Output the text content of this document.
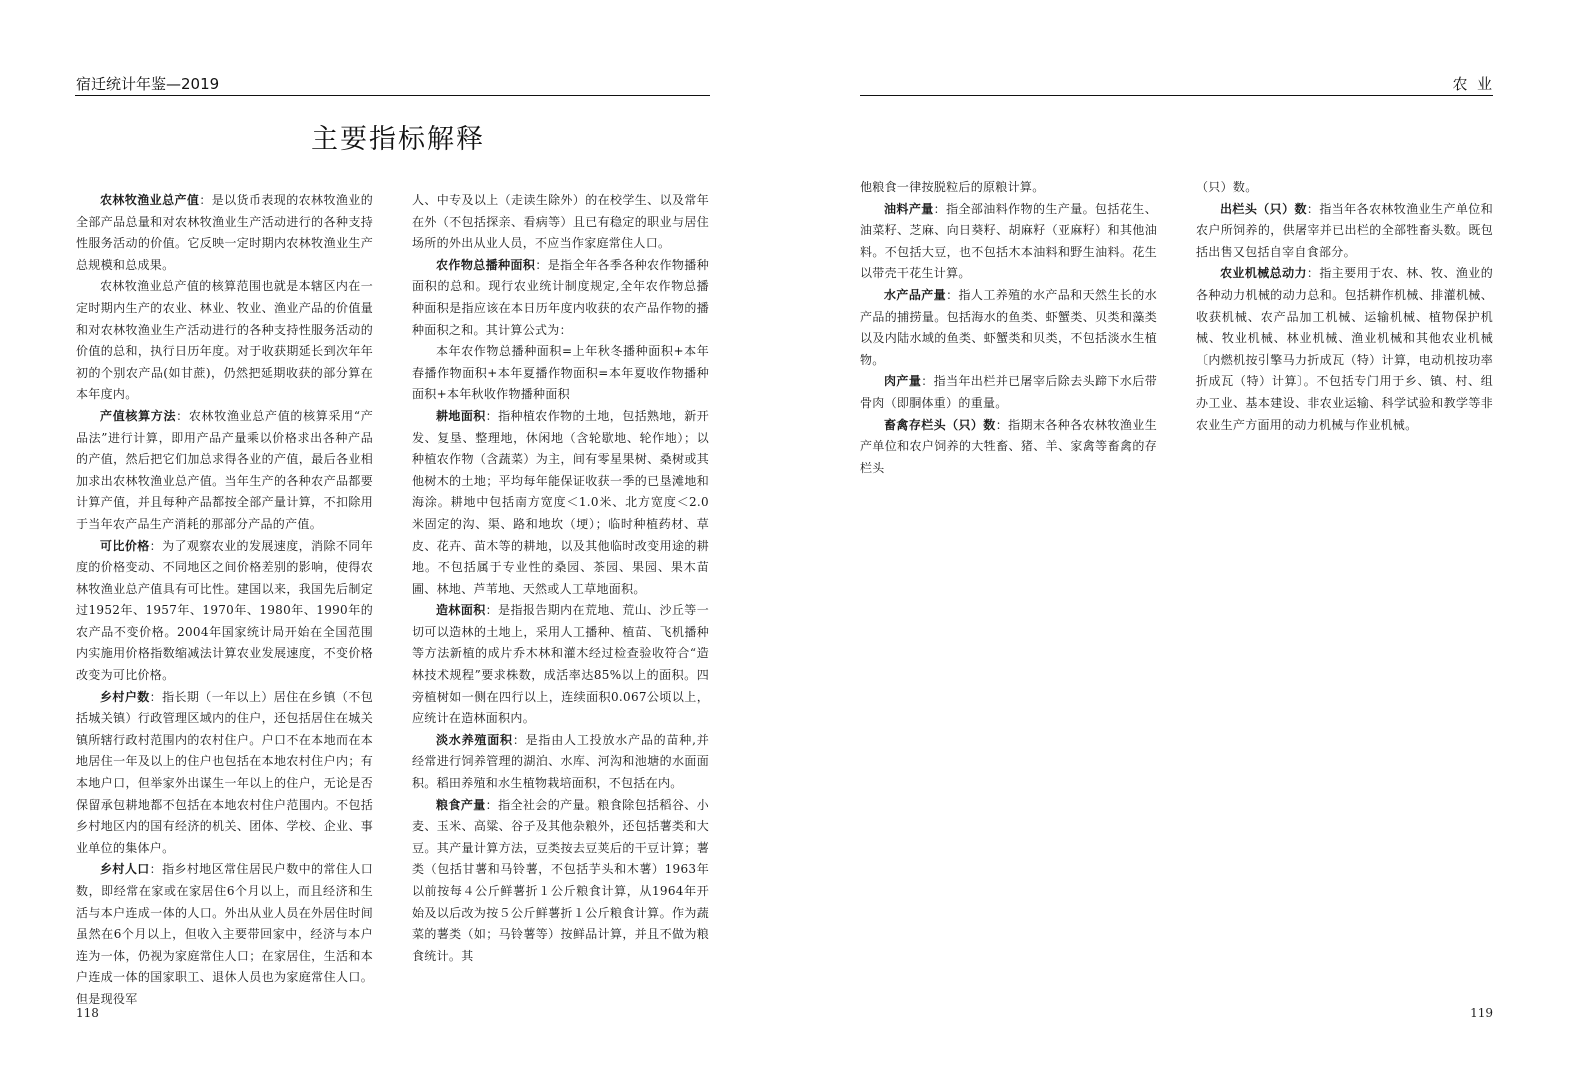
宿迁统计年鉴—2019	农  业
主要指标解释

农林牧渔业总产值：是以货币表现的农林牧渔业的全部产品总量和对农林牧渔业生产活动进行的各种支持性服务活动的价值。它反映一定时期内农林牧渔业生产总规模和总成果。

农林牧渔业总产值的核算范围也就是本辖区内在一定时期内生产的农业、林业、牧业、渔业产品的价值量和对农林牧渔业生产活动进行的各种支持性服务活动的价值的总和，执行日历年度。对于收获期延长到次年年初的个别农产品(如甘蔗)，仍然把延期收获的部分算在本年度内。

产值核算方法：农林牧渔业总产值的核算采用“产品法”进行计算，即用产品产量乘以价格求出各种产品的产值，然后把它们加总求得各业的产值，最后各业相加求出农林牧渔业总产值。当年生产的各种农产品都要计算产值，并且每种产品都按全部产量计算，不扣除用于当年农产品生产消耗的那部分产品的产值。

可比价格：为了观察农业的发展速度，消除不同年度的价格变动、不同地区之间价格差别的影响，使得农林牧渔业总产值具有可比性。建国以来，我国先后制定过1952年、1957年、1970年、1980年、1990年的农产品不变价格。2004年国家统计局开始在全国范围内实施用价格指数缩减法计算农业发展速度，不变价格改变为可比价格。

乡村户数：指长期（一年以上）居住在乡镇（不包括城关镇）行政管理区域内的住户，还包括居住在城关镇所辖行政村范围内的农村住户。户口不在本地而在本地居住一年及以上的住户也包括在本地农村住户内；有本地户口，但举家外出谋生一年以上的住户，无论是否保留承包耕地都不包括在本地农村住户范围内。不包括乡村地区内的国有经济的机关、团体、学校、企业、事业单位的集体户。

乡村人口：指乡村地区常住居民户数中的常住人口数，即经常在家或在家居住6个月以上，而且经济和生活与本户连成一体的人口。外出从业人员在外居住时间虽然在6个月以上，但收入主要带回家中，经济与本户连为一体，仍视为家庭常住人口；在家居住，生活和本户连成一体的国家职工、退休人员也为家庭常住人口。但是现役军

人、中专及以上（走读生除外）的在校学生、以及常年在外（不包括探亲、看病等）且已有稳定的职业与居住场所的外出从业人员，不应当作家庭常住人口。

农作物总播种面积：是指全年各季各种农作物播种面积的总和。现行农业统计制度规定,全年农作物总播种面积是指应该在本日历年度内收获的农产品作物的播种面积之和。其计算公式为：

本年农作物总播种面积=上年秋冬播种面积+本年春播作物面积+本年夏播作物面积=本年夏收作物播种面积+本年秋收作物播种面积

耕地面积：指种植农作物的土地，包括熟地，新开发、复垦、整理地，休闲地（含轮歇地、轮作地）；以种植农作物（含蔬菜）为主，间有零星果树、桑树或其他树木的土地；平均每年能保证收获一季的已垦滩地和海涂。耕地中包括南方宽度＜1.0米、北方宽度＜2.0米固定的沟、渠、路和地坎（埂）；临时种植药材、草皮、花卉、苗木等的耕地，以及其他临时改变用途的耕地。不包括属于专业性的桑园、茶园、果园、果木苗圃、林地、芦苇地、天然或人工草地面积。

造林面积：是指报告期内在荒地、荒山、沙丘等一切可以造林的土地上，采用人工播种、植苗、飞机播种等方法新植的成片乔木林和灌木经过检查验收符合“造林技术规程”要求株数，成活率达85%以上的面积。四旁植树如一侧在四行以上，连续面积0.067公顷以上，应统计在造林面积内。

淡水养殖面积：是指由人工投放水产品的苗种,并经常进行饲养管理的湖泊、水库、河沟和池塘的水面面积。稻田养殖和水生植物栽培面积，不包括在内。

粮食产量：指全社会的产量。粮食除包括稻谷、小麦、玉米、高粱、谷子及其他杂粮外，还包括薯类和大豆。其产量计算方法，豆类按去豆荚后的干豆计算；薯类（包括甘薯和马铃薯，不包括芋头和木薯）1963年以前按每４公斤鲜薯折１公斤粮食计算，从1964年开始及以后改为按５公斤鲜薯折１公斤粮食计算。作为蔬菜的薯类（如；马铃薯等）按鲜品计算，并且不做为粮食统计。其

他粮食一律按脱粒后的原粮计算。

油料产量：指全部油料作物的生产量。包括花生、油菜籽、芝麻、向日葵籽、胡麻籽（亚麻籽）和其他油料。不包括大豆，也不包括木本油料和野生油料。花生以带壳干花生计算。

水产品产量：指人工养殖的水产品和天然生长的水产品的捕捞量。包括海水的鱼类、虾蟹类、贝类和藻类以及内陆水域的鱼类、虾蟹类和贝类，不包括淡水生植物。

肉产量：指当年出栏并已屠宰后除去头蹄下水后带骨肉（即胴体重）的重量。

畜禽存栏头（只）数：指期末各种各农林牧渔业生产单位和农户饲养的大牲畜、猪、羊、家禽等畜禽的存栏头

（只）数。

出栏头（只）数：指当年各农林牧渔业生产单位和农户所饲养的，供屠宰并已出栏的全部牲畜头数。既包括出售又包括自宰自食部分。

农业机械总动力：指主要用于农、林、牧、渔业的各种动力机械的动力总和。包括耕作机械、排灌机械、收获机械、农产品加工机械、运输机械、植物保护机械、牧业机械、林业机械、渔业机械和其他农业机械〔内燃机按引擎马力折成瓦（特）计算，电动机按功率折成瓦（特）计算〕。不包括专门用于乡、镇、村、组办工业、基本建设、非农业运输、科学试验和教学等非农业生产方面用的动力机械与作业机械。

118	119
